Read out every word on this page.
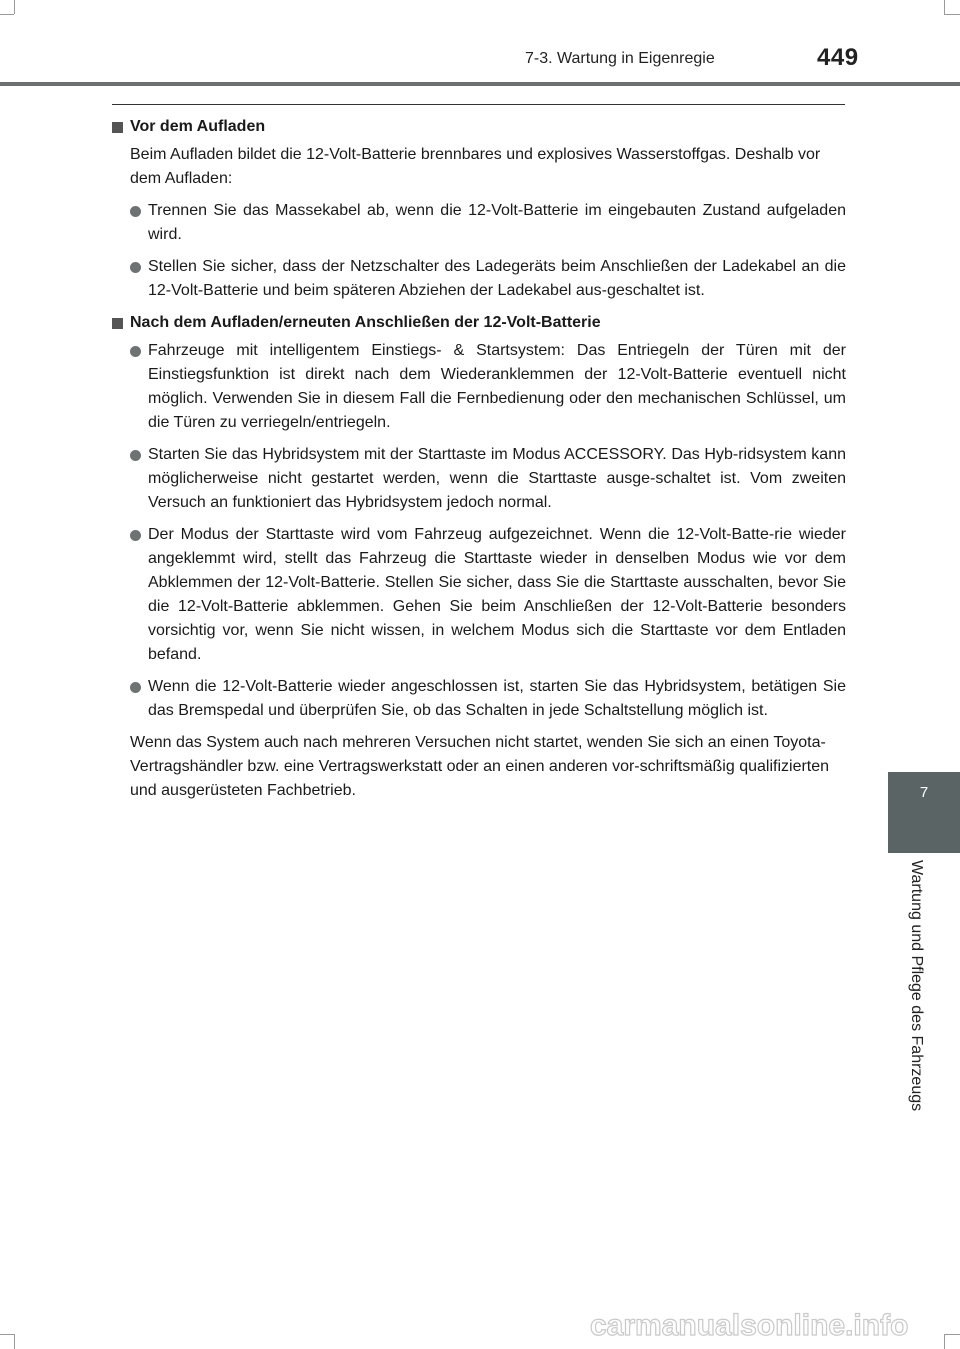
7-3. Wartung in Eigenregie	449
7
Wartung und Pflege des Fahrzeugs
Vor dem Aufladen

Beim Aufladen bildet die 12-Volt-Batterie brennbares und explosives Wasserstoffgas. Deshalb vor dem Aufladen:

Trennen Sie das Massekabel ab, wenn die 12-Volt-Batterie im eingebauten Zustand aufgeladen wird.
Stellen Sie sicher, dass der Netzschalter des Ladegeräts beim Anschließen der Ladekabel an die 12-Volt-Batterie und beim späteren Abziehen der Ladekabel aus-geschaltet ist.
Nach dem Aufladen/erneuten Anschließen der 12-Volt-Batterie
Fahrzeuge mit intelligentem Einstiegs- & Startsystem: Das Entriegeln der Türen mit der Einstiegsfunktion ist direkt nach dem Wiederanklemmen der 12-Volt-Batterie eventuell nicht möglich. Verwenden Sie in diesem Fall die Fernbedienung oder den mechanischen Schlüssel, um die Türen zu verriegeln/entriegeln.
Starten Sie das Hybridsystem mit der Starttaste im Modus ACCESSORY. Das Hyb-ridsystem kann möglicherweise nicht gestartet werden, wenn die Starttaste ausge-schaltet ist. Vom zweiten Versuch an funktioniert das Hybridsystem jedoch normal.
Der Modus der Starttaste wird vom Fahrzeug aufgezeichnet. Wenn die 12-Volt-Batte-rie wieder angeklemmt wird, stellt das Fahrzeug die Starttaste wieder in denselben Modus wie vor dem Abklemmen der 12-Volt-Batterie. Stellen Sie sicher, dass Sie die Starttaste ausschalten, bevor Sie die 12-Volt-Batterie abklemmen. Gehen Sie beim Anschließen der 12-Volt-Batterie besonders vorsichtig vor, wenn Sie nicht wissen, in welchem Modus sich die Starttaste vor dem Entladen befand.
Wenn die 12-Volt-Batterie wieder angeschlossen ist, starten Sie das Hybridsystem, betätigen Sie das Bremspedal und überprüfen Sie, ob das Schalten in jede Schaltstellung möglich ist.

Wenn das System auch nach mehreren Versuchen nicht startet, wenden Sie sich an einen Toyota-Vertragshändler bzw. eine Vertragswerkstatt oder an einen anderen vor-schriftsmäßig qualifizierten und ausgerüsteten Fachbetrieb.

carmanualsonline.info
